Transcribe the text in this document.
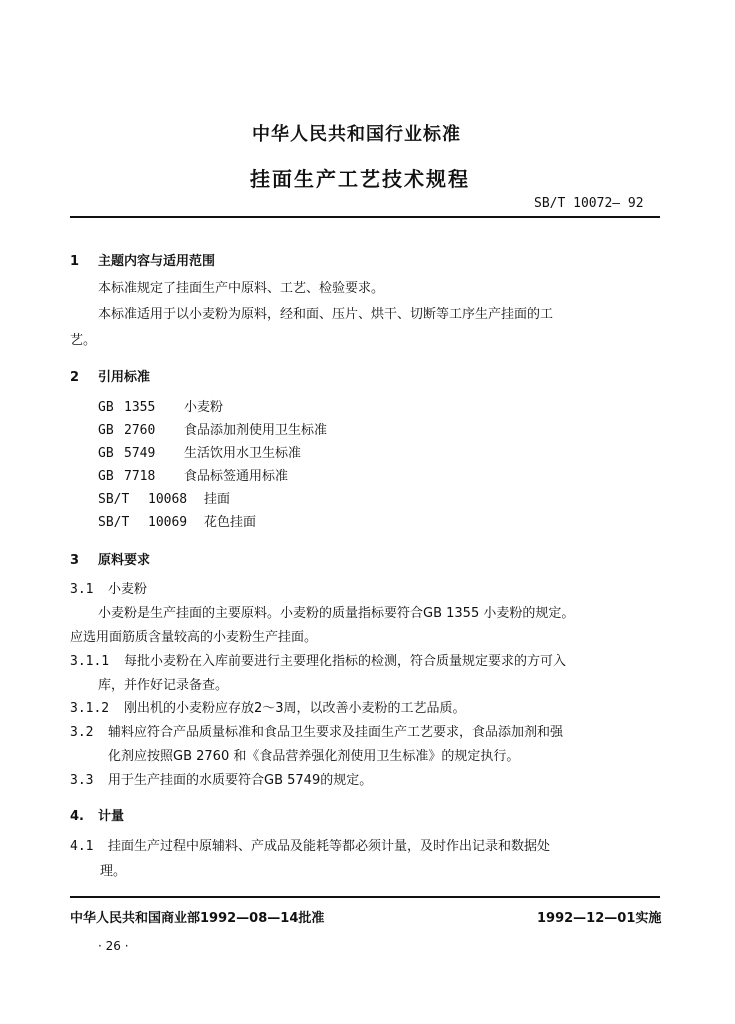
中华人民共和国行业标准
挂面生产工艺技术规程
SB/T 10072— 92
1 主题内容与适用范围
本标准规定了挂面生产中原料、工艺、检验要求。
本标准适用于以小麦粉为原料，经和面、压片、烘干、切断等工序生产挂面的工
艺。
2 引用标准
GB 1355 小麦粉
GB 2760 食品添加剂使用卫生标准
GB 5749 生活饮用水卫生标准
GB 7718 食品标签通用标准
SB/T 10068 挂面
SB/T 10069 花色挂面
3 原料要求
3.1 小麦粉
小麦粉是生产挂面的主要原料。小麦粉的质量指标要符合GB 1355 小麦粉的规定。
应选用面筋质含量较高的小麦粉生产挂面。
3.1.1 每批小麦粉在入库前要进行主要理化指标的检测，符合质量规定要求的方可入
库，并作好记录备查。
3.1.2 刚出机的小麦粉应存放2～3周，以改善小麦粉的工艺品质。
3.2 辅料应符合产品质量标准和食品卫生要求及挂面生产工艺要求，食品添加剂和强
化剂应按照GB 2760 和《食品营养强化剂使用卫生标准》的规定执行。
3.3 用于生产挂面的水质要符合GB 5749的规定。
4. 计量
4.1 挂面生产过程中原辅料、产成品及能耗等都必须计量，及时作出记录和数据处
理。
中华人民共和国商业部1992—08—14批准	1992—12—01实施
· 26 ·
